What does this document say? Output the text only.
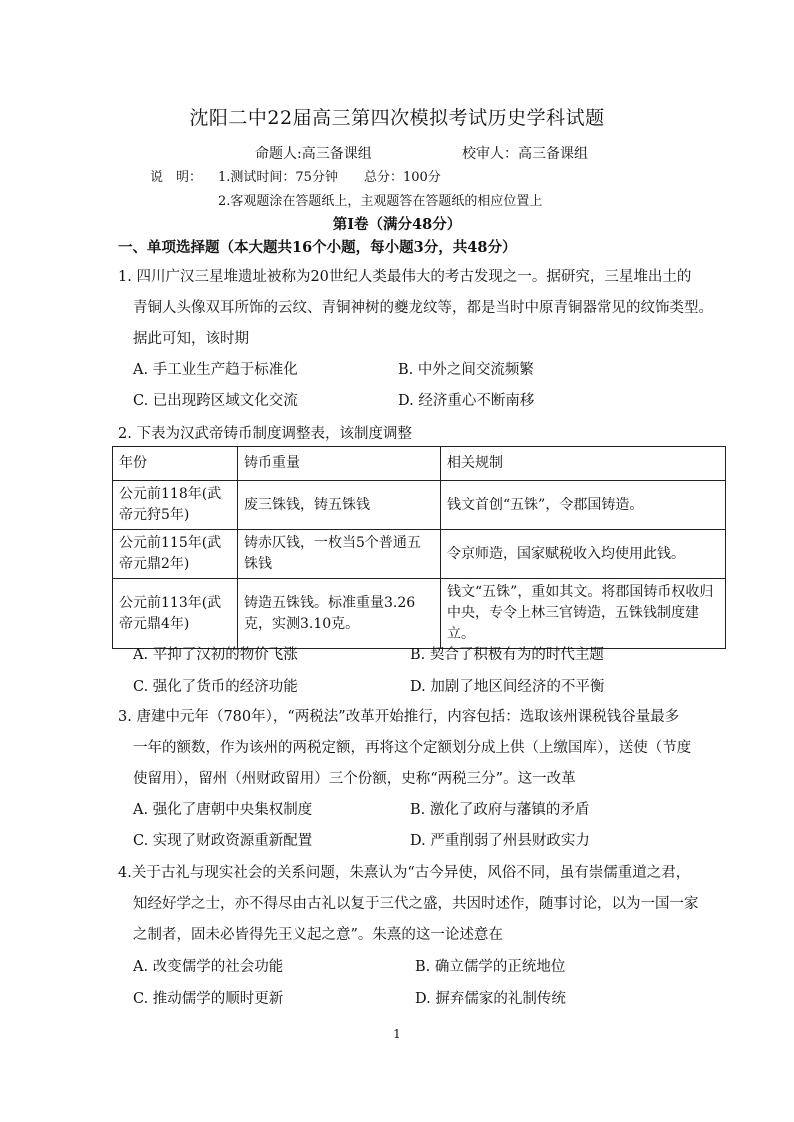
沈阳二中22届高三第四次模拟考试历史学科试题
命题人:高三备课组	校审人：高三备课组
说　明： 1.测试时间：75分钟　　总分：100分
2.客观题涂在答题纸上，主观题答在答题纸的相应位置上
第Ⅰ卷（满分48分）
一、单项选择题（本大题共16个小题，每小题3分，共48分）
1. 四川广汉三星堆遗址被称为20世纪人类最伟大的考古发现之一。据研究，三星堆出土的
青铜人头像双耳所饰的云纹、青铜神树的夔龙纹等，都是当时中原青铜器常见的纹饰类型。
据此可知，该时期
A. 手工业生产趋于标准化	B. 中外之间交流频繁
C. 已出现跨区域文化交流	D. 经济重心不断南移
2. 下表为汉武帝铸币制度调整表，该制度调整
年份	铸币重量	相关规制
公元前118年(武帝元狩5年)	废三铢钱，铸五铢钱	钱文首创“五铢”，令郡国铸造。
公元前115年(武帝元鼎2年)	铸赤仄钱，一枚当5个普通五铢钱	令京师造，国家赋税收入均使用此钱。
公元前113年(武帝元鼎4年)	铸造五铢钱。标准重量3.26克，实测3.10克。	钱文“五铢”，重如其文。将郡国铸币权收归中央，专令上林三官铸造，五铢钱制度建立。
A. 平抑了汉初的物价飞涨	B. 契合了积极有为的时代主题
C. 强化了货币的经济功能	D. 加剧了地区间经济的不平衡
3. 唐建中元年（780年），“两税法”改革开始推行，内容包括：选取该州课税钱谷量最多
一年的额数，作为该州的两税定额，再将这个定额划分成上供（上缴国库），送使（节度
使留用），留州（州财政留用）三个份额，史称“两税三分”。这一改革
A. 强化了唐朝中央集权制度	B. 激化了政府与藩镇的矛盾
C. 实现了财政资源重新配置	D. 严重削弱了州县财政实力
4.关于古礼与现实社会的关系问题，朱熹认为“古今异使，风俗不同，虽有崇儒重道之君，
知经好学之士，亦不得尽由古礼以复于三代之盛，共因时述作，随事讨论，以为一国一家
之制者，固未必皆得先王义起之意”。朱熹的这一论述意在
A. 改变儒学的社会功能	B. 确立儒学的正统地位
C. 推动儒学的顺时更新	D. 摒弃儒家的礼制传统
1
